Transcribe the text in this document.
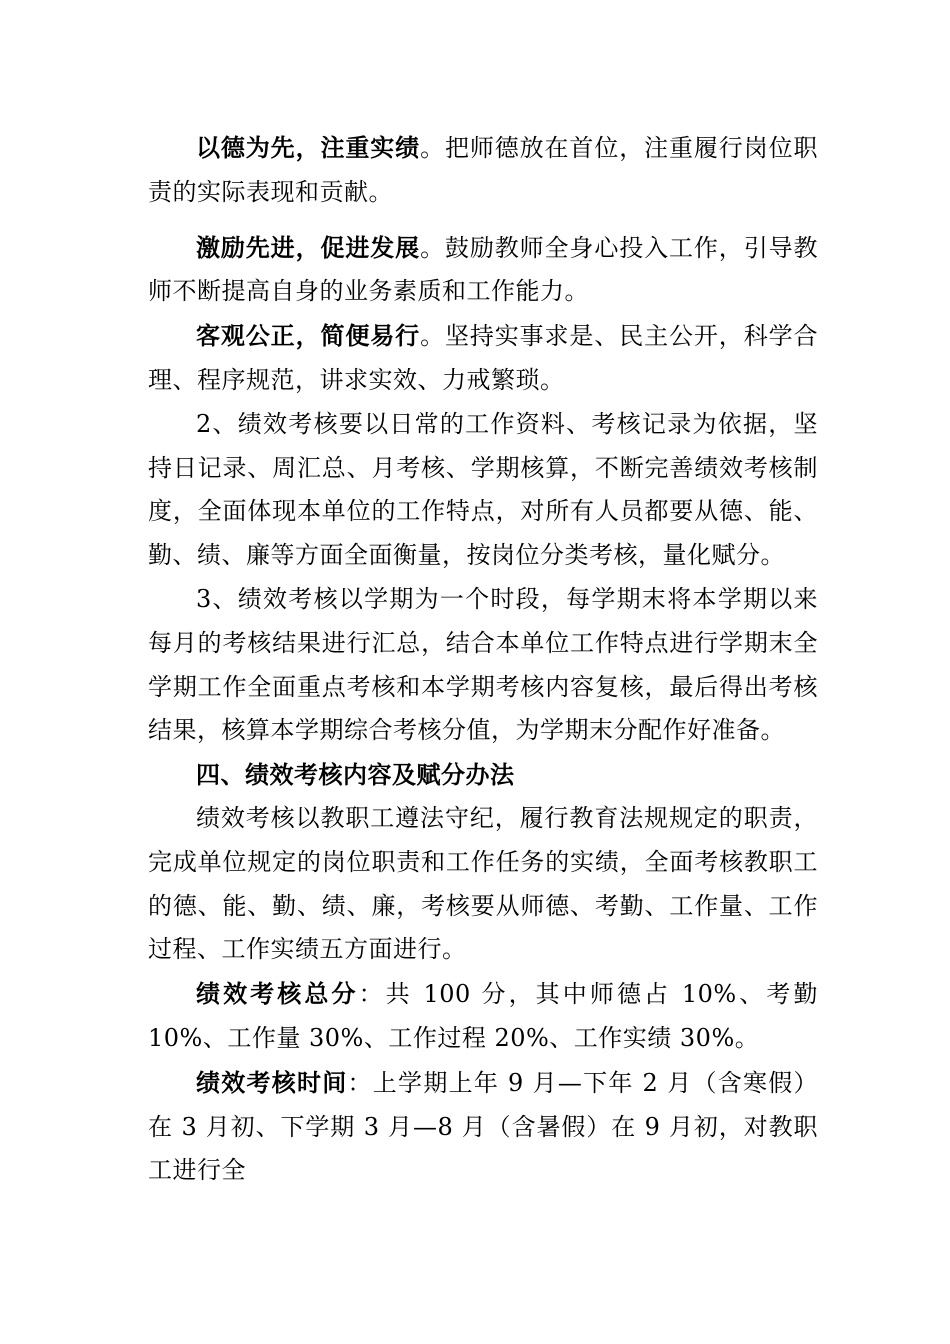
以德为先，注重实绩。把师德放在首位，注重履行岗位职责的实际表现和贡献。

激励先进，促进发展。鼓励教师全身心投入工作，引导教师不断提高自身的业务素质和工作能力。

客观公正，简便易行。坚持实事求是、民主公开，科学合理、程序规范，讲求实效、力戒繁琐。

2、绩效考核要以日常的工作资料、考核记录为依据，坚持日记录、周汇总、月考核、学期核算，不断完善绩效考核制度，全面体现本单位的工作特点，对所有人员都要从德、能、勤、绩、廉等方面全面衡量，按岗位分类考核，量化赋分。

3、绩效考核以学期为一个时段，每学期末将本学期以来每月的考核结果进行汇总，结合本单位工作特点进行学期末全学期工作全面重点考核和本学期考核内容复核，最后得出考核结果，核算本学期综合考核分值，为学期末分配作好准备。

四、绩效考核内容及赋分办法

绩效考核以教职工遵法守纪，履行教育法规规定的职责，完成单位规定的岗位职责和工作任务的实绩，全面考核教职工的德、能、勤、绩、廉，考核要从师德、考勤、工作量、工作过程、工作实绩五方面进行。

绩效考核总分：共 100 分，其中师德占 10%、考勤 10%、工作量 30%、工作过程 20%、工作实绩 30%。

绩效考核时间：上学期上年 9 月—下年 2 月（含寒假）在 3 月初、下学期 3 月—8 月（含暑假）在 9 月初，对教职工进行全
